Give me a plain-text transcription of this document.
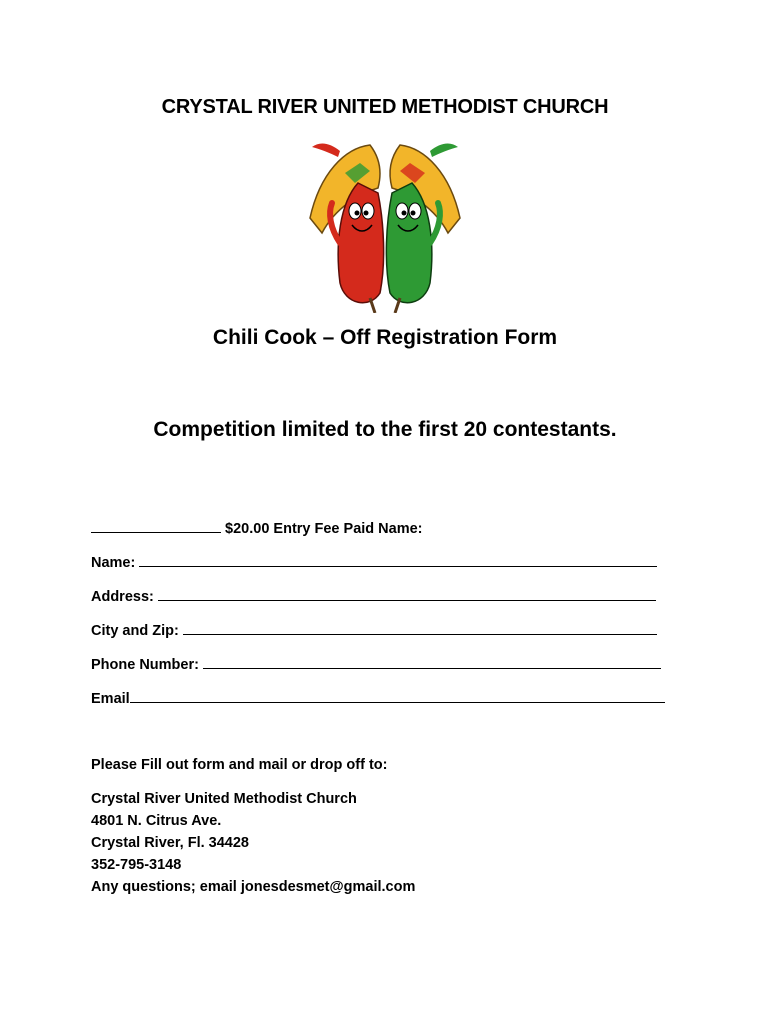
CRYSTAL RIVER UNITED METHODIST CHURCH
Chili Cook – Off Registration Form
Competition limited to the first 20 contestants.
$20.00 Entry Fee Paid Name:
Name:
Address:
City and Zip:
Phone Number:
Email
Please Fill out form and mail or drop off to:
Crystal River United Methodist Church
4801 N. Citrus Ave.
Crystal River, Fl. 34428
352-795-3148
Any questions; email jonesdesmet@gmail.com
